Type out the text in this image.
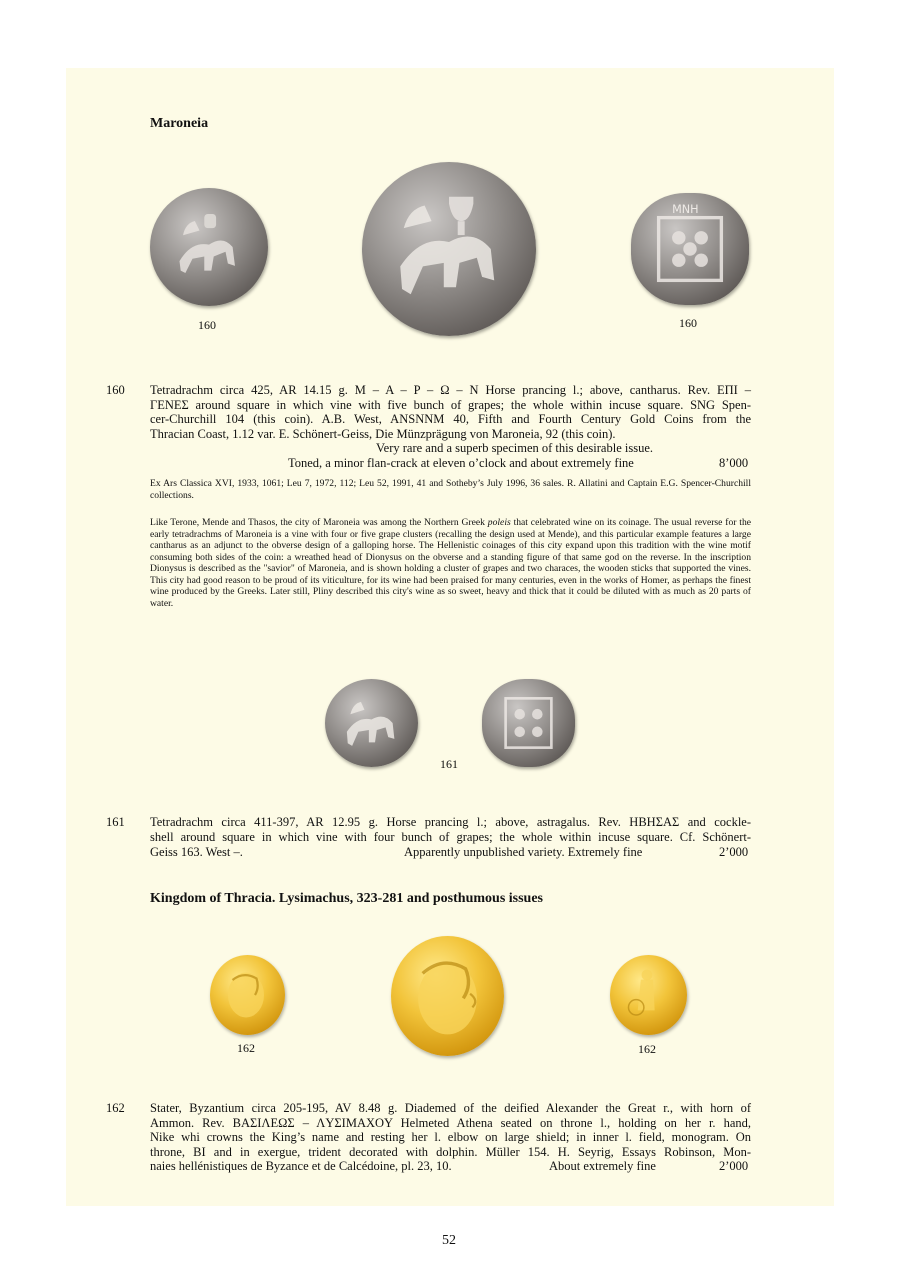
Maroneia
ΜΝΗ
160	160
160 Tetradrachm circa 425, AR 14.15 g. M – A – P – Ω – N Horse prancing l.; above, cantharus. Rev. EΠI –
ΓENEΣ around square in which vine with five bunch of grapes; the whole within incuse square. SNG Spen-
cer-Churchill 104 (this coin). A.B. West, ANSNNM 40, Fifth and Fourth Century Gold Coins from the
Thracian Coast, 1.12 var. E. Schönert-Geiss, Die Münzprägung von Maroneia, 92 (this coin).
Very rare and a superb specimen of this desirable issue.
Toned, a minor flan-crack at eleven o’clock and about extremely fine	8’000
Ex Ars Classica XVI, 1933, 1061; Leu 7, 1972, 112; Leu 52, 1991, 41 and Sotheby’s July 1996, 36 sales. R. Allatini and Captain E.G. Spencer-Churchill collections.
Like Terone, Mende and Thasos, the city of Maroneia was among the Northern Greek poleis that celebrated wine on its coinage. The usual reverse for the early tetradrachms of Maroneia is a vine with four or five grape clusters (recalling the design used at Mende), and this particular example features a large cantharus as an adjunct to the obverse design of a galloping horse. The Hellenistic coinages of this city expand upon this tradition with the wine motif consuming both sides of the coin: a wreathed head of Dionysus on the obverse and a standing figure of that same god on the reverse. In the inscription Dionysus is described as the "savior" of Maroneia, and is shown holding a cluster of grapes and two characes, the wooden sticks that supported the vines. This city had good reason to be proud of its viticulture, for its wine had been praised for many centuries, even in the works of Homer, as perhaps the finest wine produced by the Greeks. Later still, Pliny described this city's wine as so sweet, heavy and thick that it could be diluted with as much as 20 parts of water.
161
161 Tetradrachm circa 411-397, AR 12.95 g. Horse prancing l.; above, astragalus. Rev. HBHΣAΣ and cockle-
shell around square in which vine with four bunch of grapes; the whole within incuse square. Cf. Schönert-
Geiss 163. West –.	Apparently unpublished variety. Extremely fine	2’000
Kingdom of Thracia. Lysimachus, 323-281 and posthumous issues
162	162
162 Stater, Byzantium circa 205-195, AV 8.48 g. Diademed of the deified Alexander the Great r., with horn of
Ammon. Rev. BAΣIΛEΩΣ – ΛYΣIMAXOY Helmeted Athena seated on throne l., holding on her r. hand,
Nike whi crowns the King’s name and resting her l. elbow on large shield; in inner l. field, monogram. On
throne, BI and in exergue, trident decorated with dolphin. Müller 154. H. Seyrig, Essays Robinson, Mon-
naies hellénistiques de Byzance et de Calcédoine, pl. 23, 10.	About extremely fine	2’000
52
